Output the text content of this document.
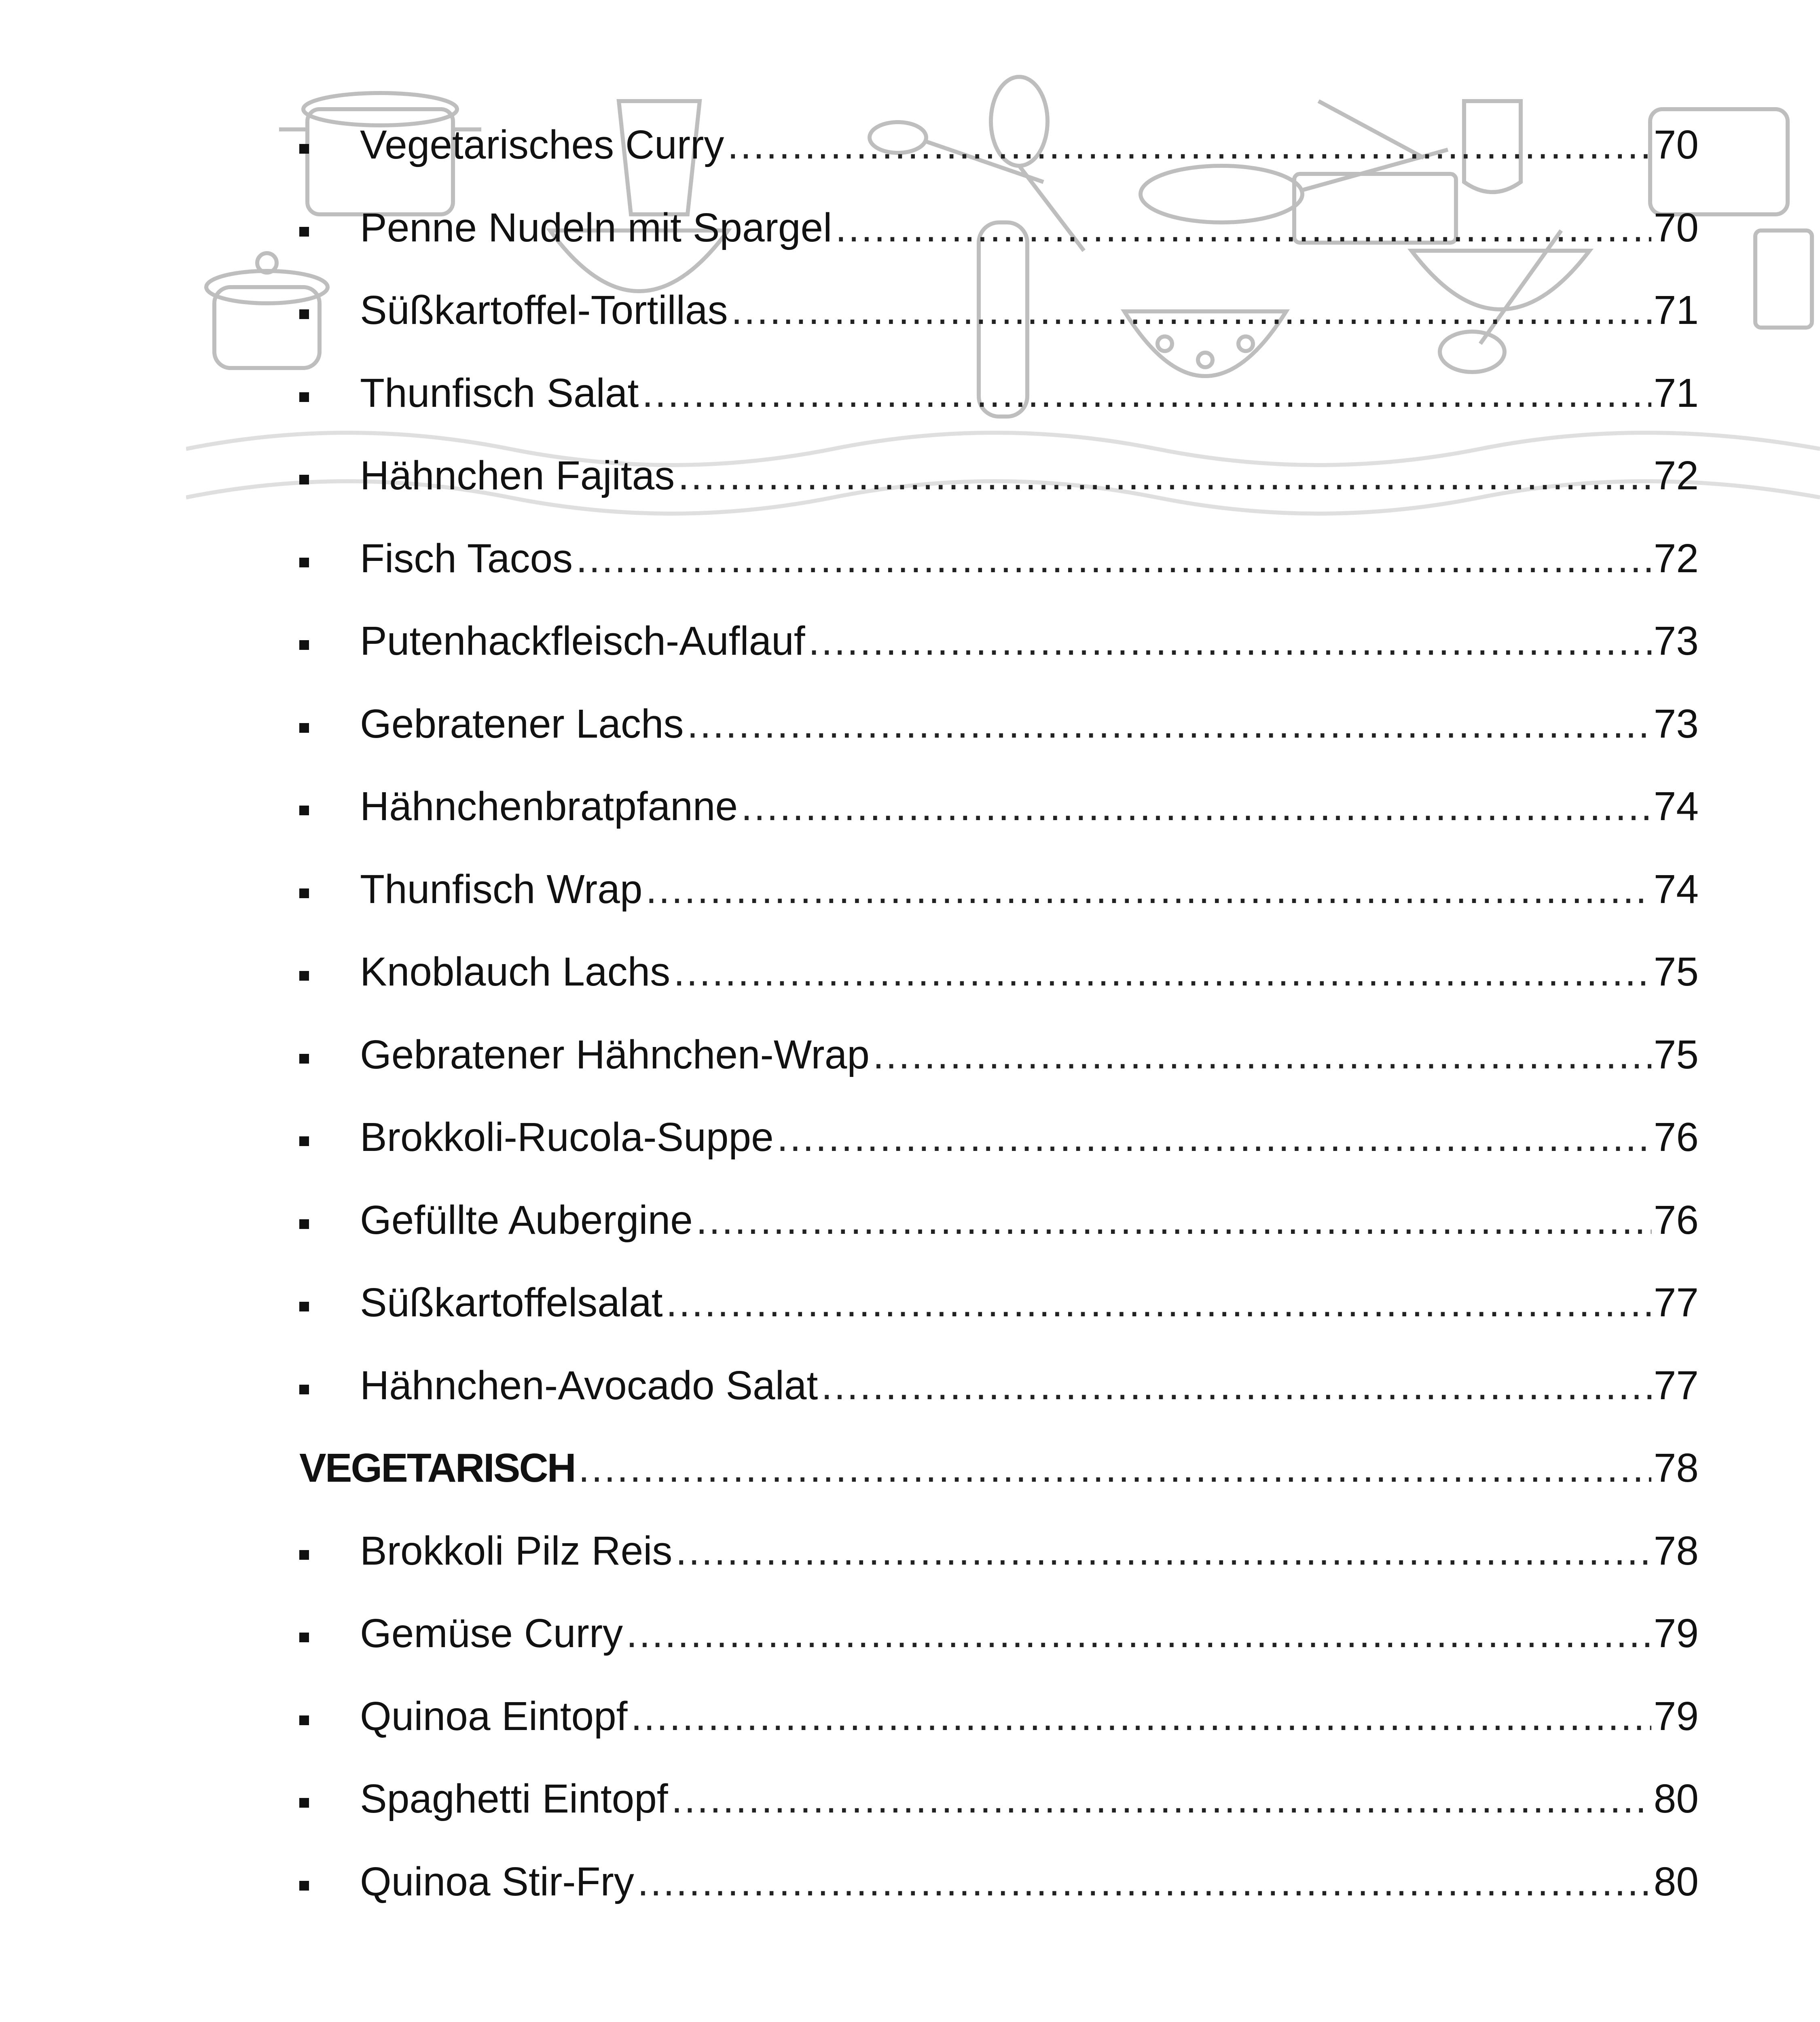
Vegetarisches Curry .....	70
Penne Nudeln mit Spargel .....	70
Süßkartoffel-Tortillas .....	71
Thunfisch Salat .....	71
Hähnchen Fajitas .....	72
Fisch Tacos .....	72
Putenhackfleisch-Auflauf .....	73
Gebratener Lachs .....	73
Hähnchenbratpfanne .....	74
Thunfisch Wrap .....	74
Knoblauch Lachs .....	75
Gebratener Hähnchen-Wrap .....	75
Brokkoli-Rucola-Suppe .....	76
Gefüllte Aubergine .....	76
Süßkartoffelsalat .....	77
Hähnchen-Avocado Salat .....	77
VEGETARISCH .....	78
Brokkoli Pilz Reis .....	78
Gemüse Curry .....	79
Quinoa Eintopf .....	79
Spaghetti Eintopf .....	80
Quinoa Stir-Fry .....	80
